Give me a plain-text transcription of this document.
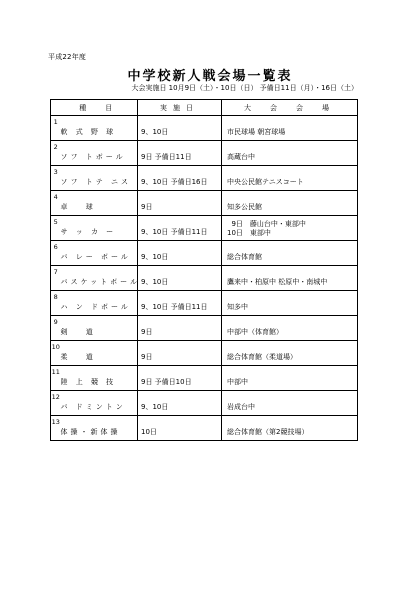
平成22年度
中学校新人戦会場一覧表
大会実施日 10月9日（土）・10日（日） 予備日11日（月）・16日（土）
	種　目	実施日	大　会　会　場

1	軟 式 野 球	9、10日	市民球場 朝宮球場

2	ソフ トボール	9日 予備日11日	高蔵台中

3	ソフ トテ ニス	9、10日 予備日16日	中央公民館テニスコート

4	卓　 球	9日	知多公民館

5	サ ッ カ ー	9、10日 予備日11日	9日　藤山台中・東部中
10日　東部中

6	バ レー ボール	9、10日	総合体育館

7	バスケットボール	9、10日	鷹来中・柏原中 松原中・南城中

8	ハ ン ドボール	9、10日 予備日11日	知多中

9	剣　 道	9日	中部中（体育館）

10	柔　 道	9日	総合体育館（柔道場）

11	陸 上 競 技	9日 予備日10日	中部中

12	バ ドミントン	9、10日	岩成台中

13	体操・新体操	10日	総合体育館（第2競技場）
